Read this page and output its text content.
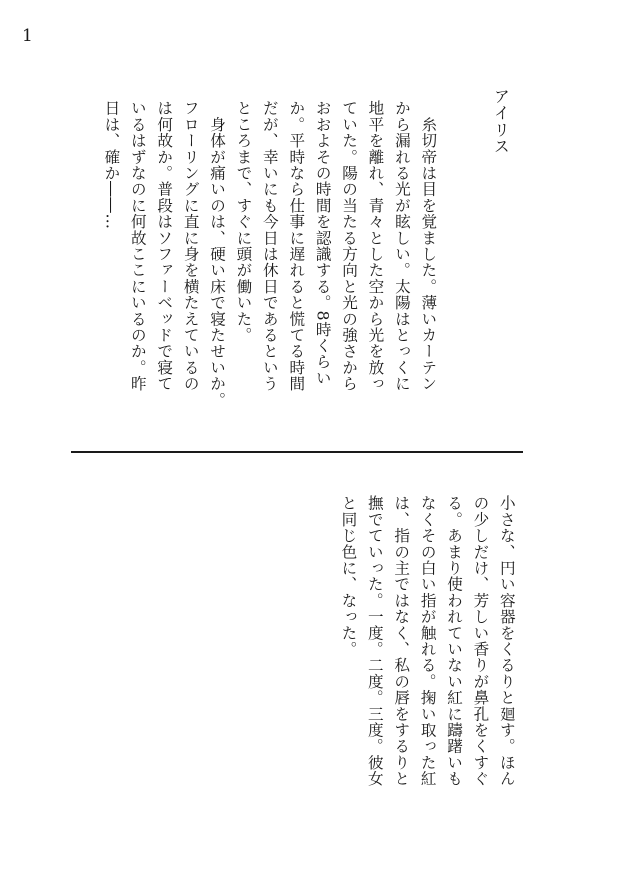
1
アイリス

　糸切帝は目を覚ました。薄いカーテン

から漏れる光が眩しい。太陽はとっくに

地平を離れ、青々とした空から光を放っ

ていた。陽の当たる方向と光の強さから

おおよその時間を認識する。8時くらい

か。平時なら仕事に遅れると慌てる時間

だが、幸いにも今日は休日であるという

ところまで、すぐに頭が働いた。

　身体が痛いのは、硬い床で寝たせいか。

フローリングに直に身を横たえているの

は何故か。普段はソファーベッドで寝て

いるはずなのに何故ここにいるのか。昨

日は、確か――…

小さな、円い容器をくるりと廻す。ほん

の少しだけ、芳しい香りが鼻孔をくすぐ

る。あまり使われていない紅に躊躇いも

なくその白い指が触れる。掬い取った紅

は、指の主ではなく、私の唇をするりと

撫でていった。一度。二度。三度。彼女

と同じ色に、なった。
